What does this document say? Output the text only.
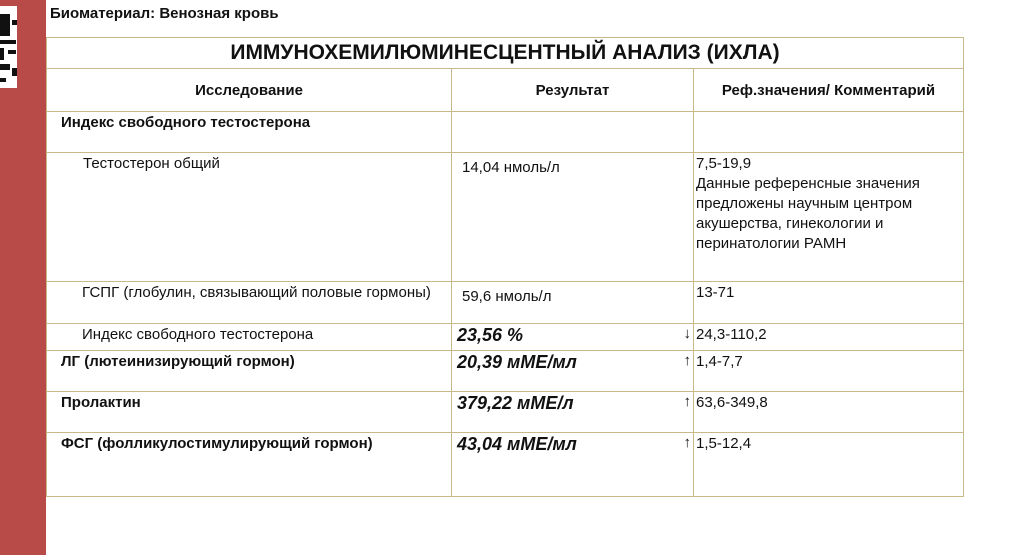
Биоматериал: Венозная кровь
ИММУНОХЕМИЛЮМИНЕСЦЕНТНЫЙ АНАЛИЗ (ИХЛА)		
Исследование	Результат	Реф.значения/ Комментарий
Индекс свободного тестостерона		
Тестостерон общий	14,04 нмоль/л	7,5-19,9
Данные референсные значения предложены научным центром акушерства, гинекологии и перинатологии РАМН

ГСПГ (глобулин, связывающий половые гормоны)	59,6 нмоль/л	13-71
Индекс свободного тестостерона	23,56 % ↓	24,3-110,2
ЛГ (лютеинизирующий гормон)	20,39 мМЕ/мл ↑	1,4-7,7
Пролактин	379,22 мМЕ/л ↑	63,6-349,8
ФСГ (фолликулостимулирующий гормон)	43,04 мМЕ/мл ↑	1,5-12,4
